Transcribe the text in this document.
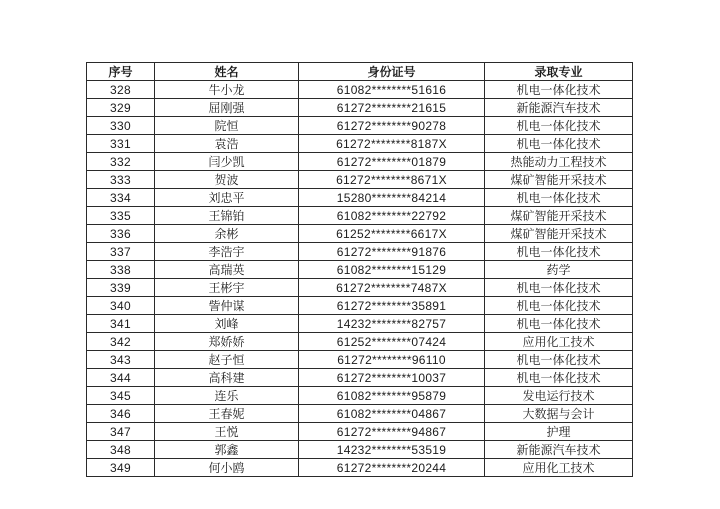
序号	姓名	身份证号	录取专业
328	牛小龙	61082********51616	机电一体化技术
329	屈刚强	61272********21615	新能源汽车技术
330	院恒	61272********90278	机电一体化技术
331	袁浩	61272********8187X	机电一体化技术
332	闫少凯	61272********01879	热能动力工程技术
333	贺波	61272********8671X	煤矿智能开采技术
334	刘忠平	15280********84214	机电一体化技术
335	王锦铂	61082********22792	煤矿智能开采技术
336	余彬	61252********6617X	煤矿智能开采技术
337	李浩宇	61272********91876	机电一体化技术
338	高瑞英	61082********15129	药学
339	王彬宇	61272********7487X	机电一体化技术
340	訾仲谋	61272********35891	机电一体化技术
341	刘峰	14232********82757	机电一体化技术
342	郑娇娇	61252********07424	应用化工技术
343	赵子恒	61272********96110	机电一体化技术
344	高科建	61272********10037	机电一体化技术
345	连乐	61082********95879	发电运行技术
346	王春妮	61082********04867	大数据与会计
347	王悦	61272********94867	护理
348	郭鑫	14232********53519	新能源汽车技术
349	何小鸥	61272********20244	应用化工技术
